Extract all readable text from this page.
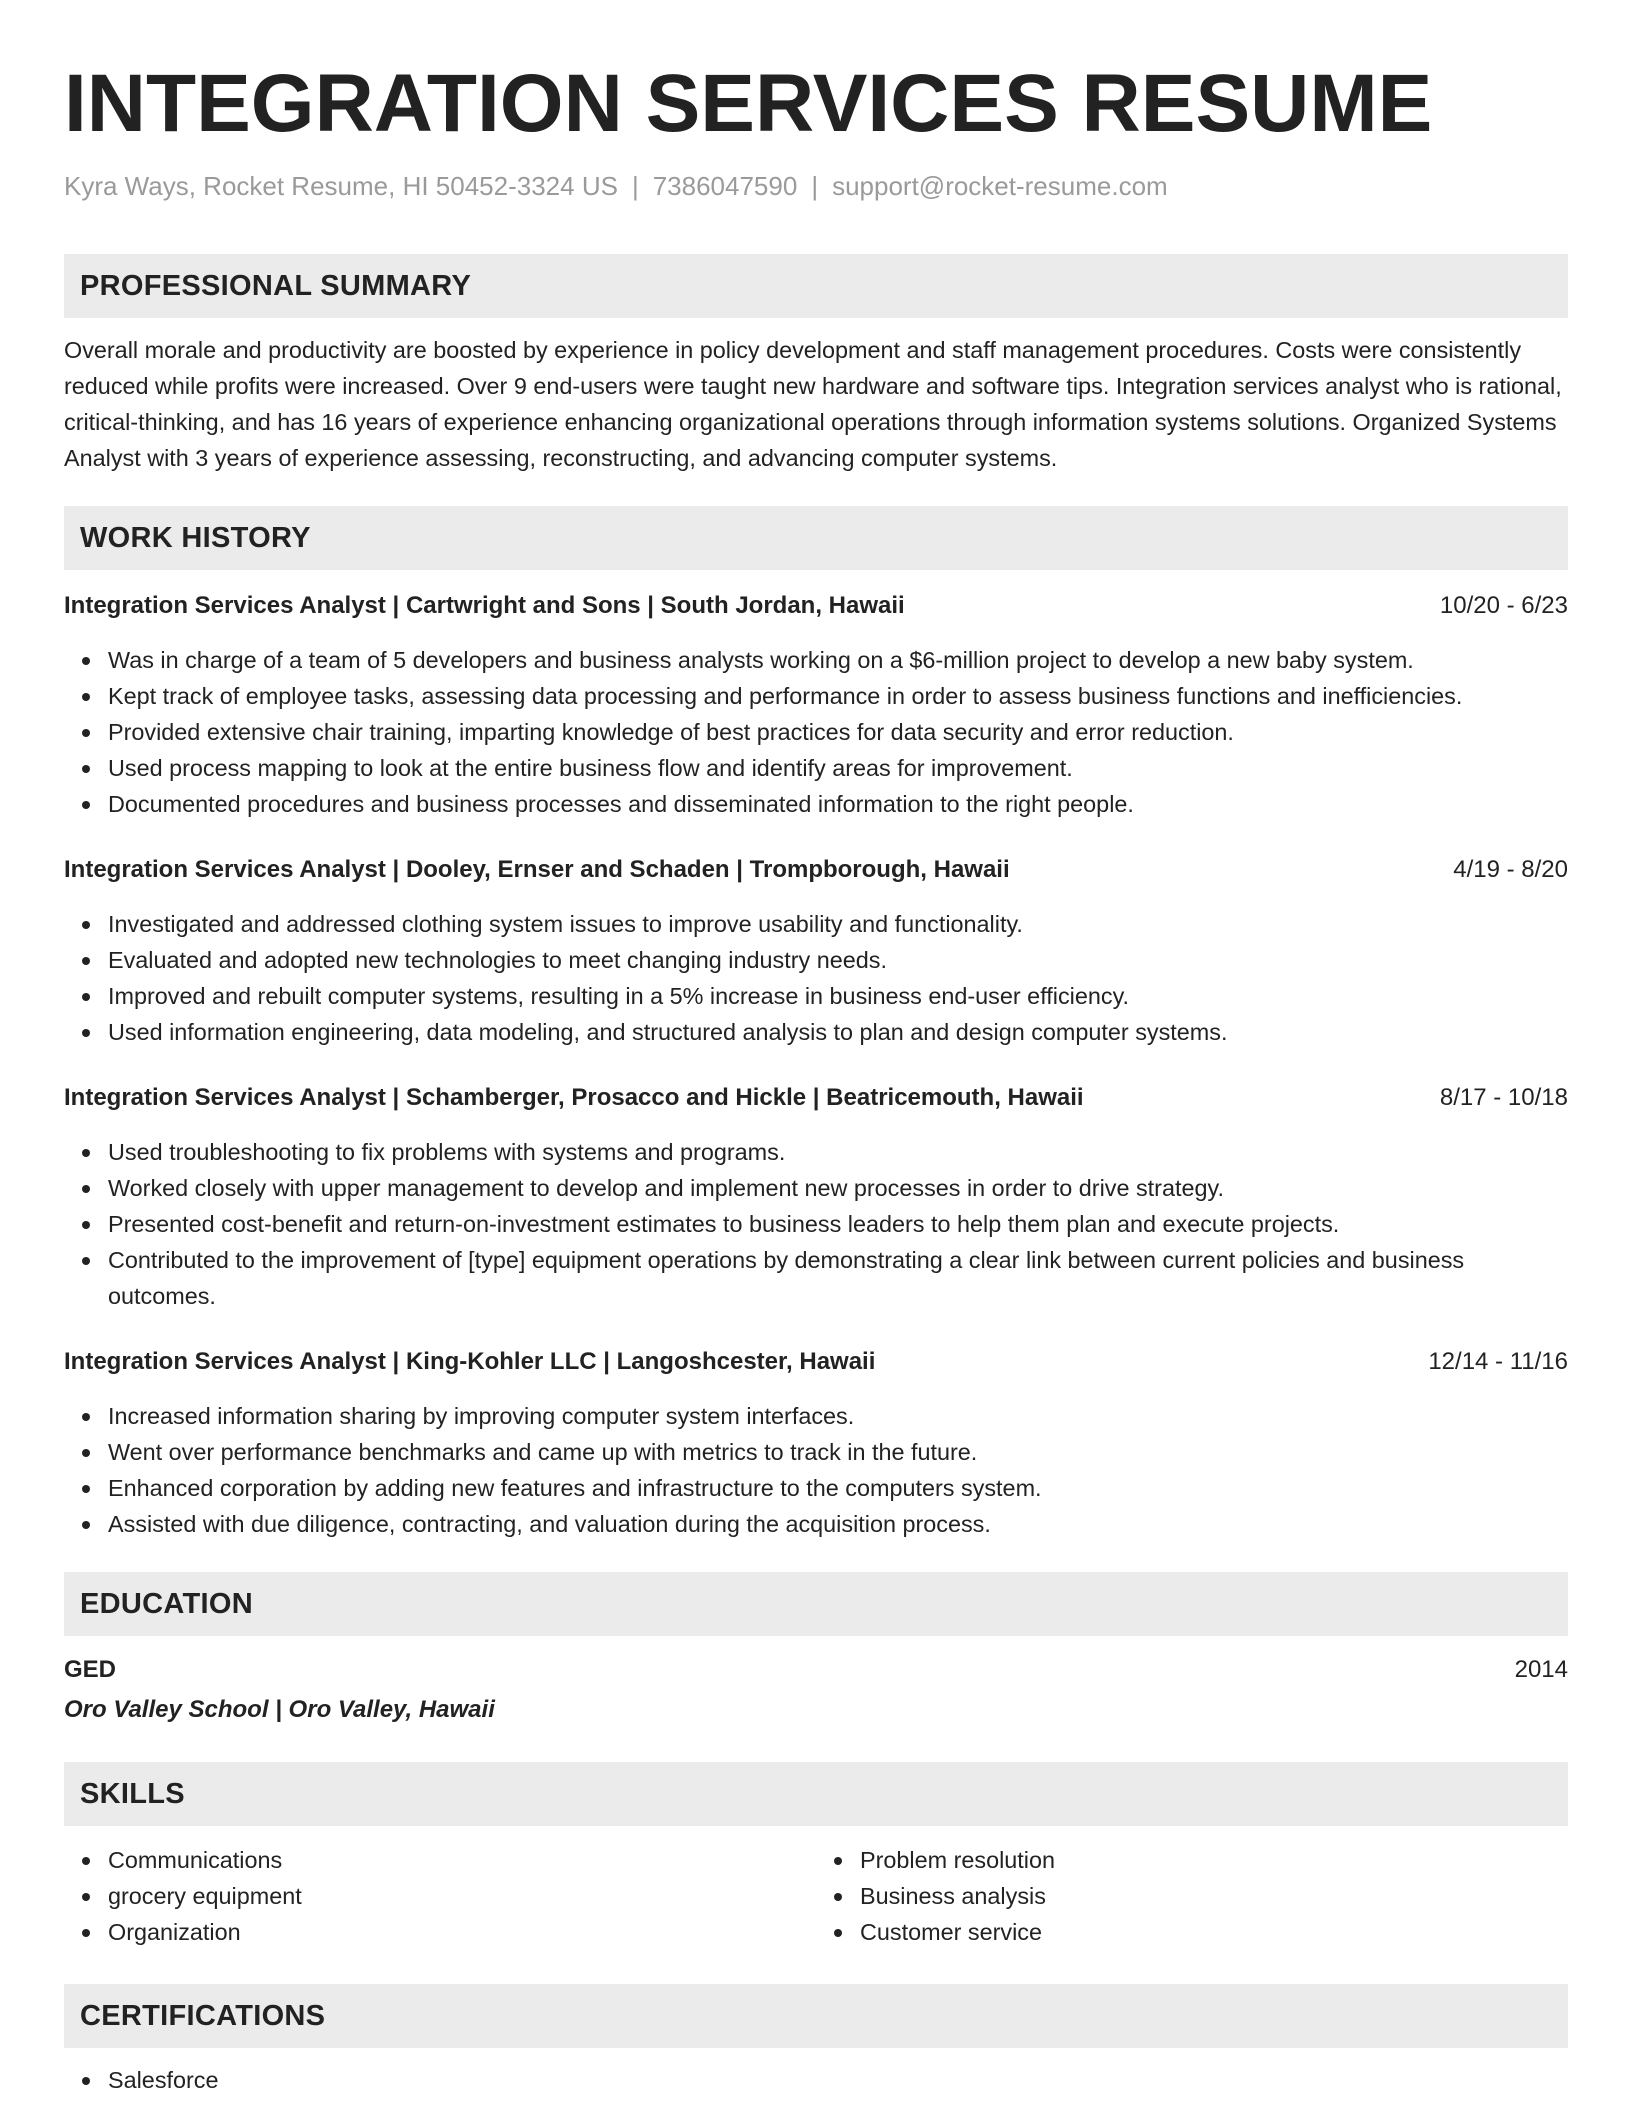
INTEGRATION SERVICES RESUME
Kyra Ways, Rocket Resume, HI 50452-3324 US | 7386047590 | support@rocket-resume.com
PROFESSIONAL SUMMARY
Overall morale and productivity are boosted by experience in policy development and staff management procedures. Costs were consistently reduced while profits were increased. Over 9 end-users were taught new hardware and software tips. Integration services analyst who is rational, critical-thinking, and has 16 years of experience enhancing organizational operations through information systems solutions. Organized Systems Analyst with 3 years of experience assessing, reconstructing, and advancing computer systems.
WORK HISTORY
Integration Services Analyst | Cartwright and Sons | South Jordan, Hawaii	10/20 - 6/23
Was in charge of a team of 5 developers and business analysts working on a $6-million project to develop a new baby system.
Kept track of employee tasks, assessing data processing and performance in order to assess business functions and inefficiencies.
Provided extensive chair training, imparting knowledge of best practices for data security and error reduction.
Used process mapping to look at the entire business flow and identify areas for improvement.
Documented procedures and business processes and disseminated information to the right people.
Integration Services Analyst | Dooley, Ernser and Schaden | Trompborough, Hawaii	4/19 - 8/20
Investigated and addressed clothing system issues to improve usability and functionality.
Evaluated and adopted new technologies to meet changing industry needs.
Improved and rebuilt computer systems, resulting in a 5% increase in business end-user efficiency.
Used information engineering, data modeling, and structured analysis to plan and design computer systems.
Integration Services Analyst | Schamberger, Prosacco and Hickle | Beatricemouth, Hawaii	8/17 - 10/18
Used troubleshooting to fix problems with systems and programs.
Worked closely with upper management to develop and implement new processes in order to drive strategy.
Presented cost-benefit and return-on-investment estimates to business leaders to help them plan and execute projects.
Contributed to the improvement of [type] equipment operations by demonstrating a clear link between current policies and business outcomes.
Integration Services Analyst | King-Kohler LLC | Langoshcester, Hawaii	12/14 - 11/16
Increased information sharing by improving computer system interfaces.
Went over performance benchmarks and came up with metrics to track in the future.
Enhanced corporation by adding new features and infrastructure to the computers system.
Assisted with due diligence, contracting, and valuation during the acquisition process.
EDUCATION
GED	2014
Oro Valley School | Oro Valley, Hawaii
SKILLS
Communications
grocery equipment
Organization
Problem resolution
Business analysis
Customer service
CERTIFICATIONS
Salesforce
